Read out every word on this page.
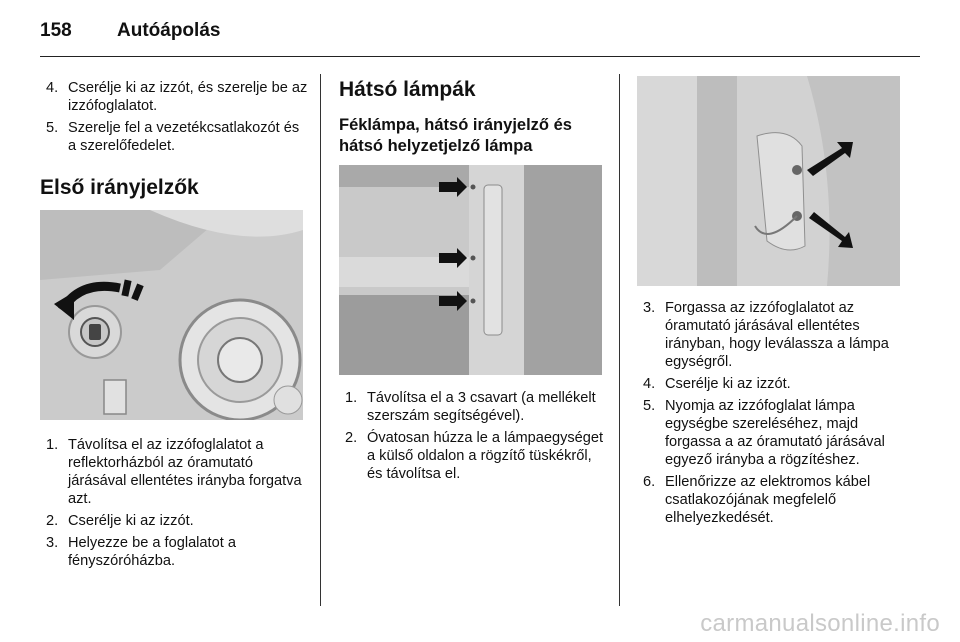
158 Autóápolás
4. Cserélje ki az izzót, és szerelje be az izzófoglalatot.
5. Szerelje fel a vezetékcsatlakozót és a szerelőfedelet.
Első irányjelzők
1. Távolítsa el az izzófoglalatot a reflektorházból az óramutató járásával ellentétes irányba forgatva azt.
2. Cserélje ki az izzót.
3. Helyezze be a foglalatot a fényszóróházba.
Hátsó lámpák
Féklámpa, hátsó irányjelző és hátsó helyzetjelző lámpa
1. Távolítsa el a 3 csavart (a mellékelt szerszám segítségével).
2. Óvatosan húzza le a lámpaegységet a külső oldalon a rögzítő tüskékről, és távolítsa el.
3. Forgassa az izzófoglalatot az óramutató járásával ellentétes irányban, hogy leválassza a lámpa egységről.
4. Cserélje ki az izzót.
5. Nyomja az izzófoglalat lámpa egységbe szereléséhez, majd forgassa a az óramutató járásával egyező irányba a rögzítéshez.
6. Ellenőrizze az elektromos kábel csatlakozójának megfelelő elhelyezkedését.
carmanualsonline.info
